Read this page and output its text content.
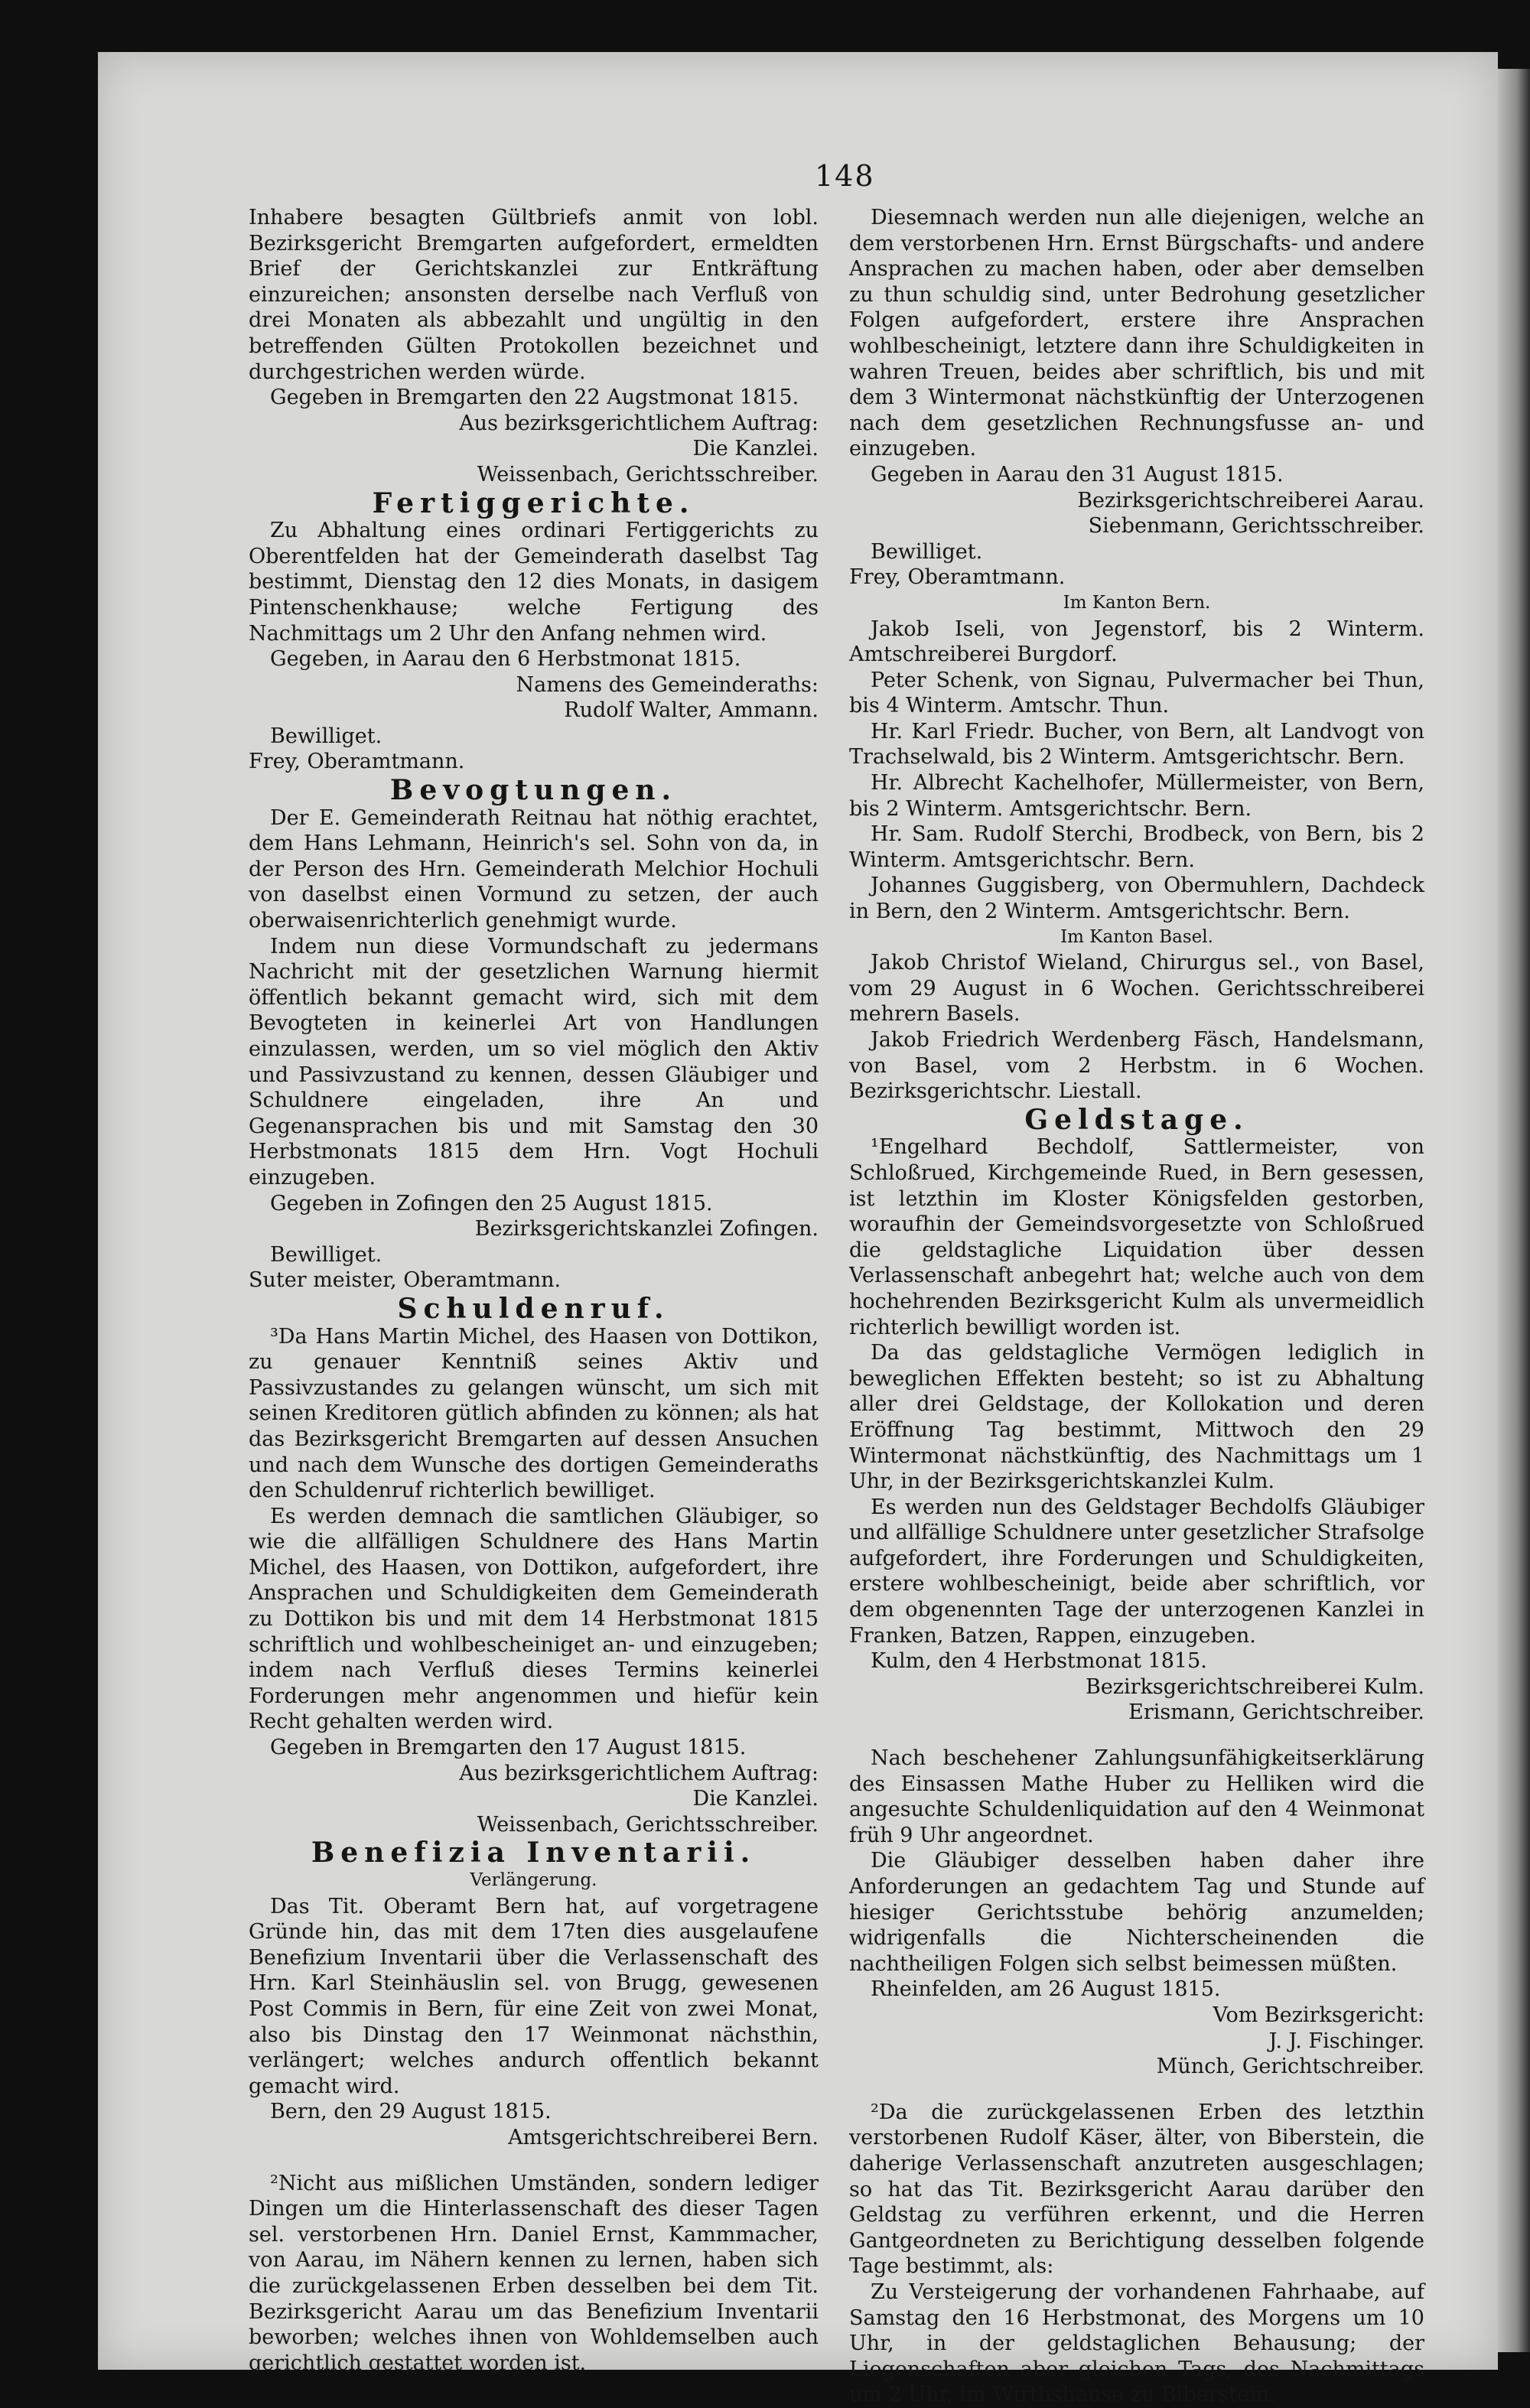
148

Inhabere besagten Gültbriefs anmit von lobl. Bezirksgericht Bremgarten aufgefordert, ermeldten Brief der Gerichtskanzlei zur Entkräftung einzureichen; ansonsten derselbe nach Verfluß von drei Monaten als abbezahlt und ungültig in den betreffenden Gülten Protokollen bezeichnet und durchgestrichen werden würde.

Gegeben in Bremgarten den 22 Augstmonat 1815.

Aus bezirksgerichtlichem Auftrag:

Die Kanzlei.

Weissenbach, Gerichtsschreiber.

Fertiggerichte.

Zu Abhaltung eines ordinari Fertiggerichts zu Oberentfelden hat der Gemeinderath daselbst Tag bestimmt, Dienstag den 12 dies Monats, in dasigem Pintenschenkhause; welche Fertigung des Nachmittags um 2 Uhr den Anfang nehmen wird.

Gegeben, in Aarau den 6 Herbstmonat 1815.

Namens des Gemeinderaths:

Rudolf Walter, Ammann.

Bewilliget.

Frey, Oberamtmann.

Bevogtungen.

Der E. Gemeinderath Reitnau hat nöthig erachtet, dem Hans Lehmann, Heinrich's sel. Sohn von da, in der Person des Hrn. Gemeinderath Melchior Hochuli von daselbst einen Vormund zu setzen, der auch oberwaisenrichterlich genehmigt wurde.

Indem nun diese Vormundschaft zu jedermans Nachricht mit der gesetzlichen Warnung hiermit öffentlich bekannt gemacht wird, sich mit dem Bevogteten in keinerlei Art von Handlungen einzulassen, werden, um so viel möglich den Aktiv und Passivzustand zu kennen, dessen Gläubiger und Schuldnere eingeladen, ihre An und Gegenansprachen bis und mit Samstag den 30 Herbstmonats 1815 dem Hrn. Vogt Hochuli einzugeben.

Gegeben in Zofingen den 25 August 1815.

Bezirksgerichtskanzlei Zofingen.

Bewilliget.

Suter meister, Oberamtmann.

Schuldenruf.

³Da Hans Martin Michel, des Haasen von Dottikon, zu genauer Kenntniß seines Aktiv und Passivzustandes zu gelangen wünscht, um sich mit seinen Kreditoren gütlich abfinden zu können; als hat das Bezirksgericht Bremgarten auf dessen Ansuchen und nach dem Wunsche des dortigen Gemeinderaths den Schuldenruf richterlich bewilliget.

Es werden demnach die samtlichen Gläubiger, so wie die allfälligen Schuldnere des Hans Martin Michel, des Haasen, von Dottikon, aufgefordert, ihre Ansprachen und Schuldigkeiten dem Gemeinderath zu Dottikon bis und mit dem 14 Herbstmonat 1815 schriftlich und wohlbescheiniget an- und einzugeben; indem nach Verfluß dieses Termins keinerlei Forderungen mehr angenommen und hiefür kein Recht gehalten werden wird.

Gegeben in Bremgarten den 17 August 1815.

Aus bezirksgerichtlichem Auftrag:

Die Kanzlei.

Weissenbach, Gerichtsschreiber.

Benefizia Inventarii.

Verlängerung.

Das Tit. Oberamt Bern hat, auf vorgetragene Gründe hin, das mit dem 17ten dies ausgelaufene Benefizium Inventarii über die Verlassenschaft des Hrn. Karl Steinhäuslin sel. von Brugg, gewesenen Post Commis in Bern, für eine Zeit von zwei Monat, also bis Dinstag den 17 Weinmonat nächsthin, verlängert; welches andurch offentlich bekannt gemacht wird.

Bern, den 29 August 1815.

Amtsgerichtschreiberei Bern.

²Nicht aus mißlichen Umständen, sondern lediger Dingen um die Hinterlassenschaft des dieser Tagen sel. verstorbenen Hrn. Daniel Ernst, Kammmacher, von Aarau, im Nähern kennen zu lernen, haben sich die zurückgelassenen Erben desselben bei dem Tit. Bezirksgericht Aarau um das Benefizium Inventarii beworben; welches ihnen von Wohldemselben auch gerichtlich gestattet worden ist.

Diesemnach werden nun alle diejenigen, welche an dem verstorbenen Hrn. Ernst Bürgschafts- und andere Ansprachen zu machen haben, oder aber demselben zu thun schuldig sind, unter Bedrohung gesetzlicher Folgen aufgefordert, erstere ihre Ansprachen wohlbescheinigt, letztere dann ihre Schuldigkeiten in wahren Treuen, beides aber schriftlich, bis und mit dem 3 Wintermonat nächstkünftig der Unterzogenen nach dem gesetzlichen Rechnungsfusse an- und einzugeben.

Gegeben in Aarau den 31 August 1815.

Bezirksgerichtschreiberei Aarau.

Siebenmann, Gerichtsschreiber.

Bewilliget.

Frey, Oberamtmann.

Im Kanton Bern.

Jakob Iseli, von Jegenstorf, bis 2 Winterm. Amtschreiberei Burgdorf.

Peter Schenk, von Signau, Pulvermacher bei Thun, bis 4 Winterm. Amtschr. Thun.

Hr. Karl Friedr. Bucher, von Bern, alt Landvogt von Trachselwald, bis 2 Winterm. Amtsgerichtschr. Bern.

Hr. Albrecht Kachelhofer, Müllermeister, von Bern, bis 2 Winterm. Amtsgerichtschr. Bern.

Hr. Sam. Rudolf Sterchi, Brodbeck, von Bern, bis 2 Winterm. Amtsgerichtschr. Bern.

Johannes Guggisberg, von Obermuhlern, Dachdeck in Bern, den 2 Winterm. Amtsgerichtschr. Bern.

Im Kanton Basel.

Jakob Christof Wieland, Chirurgus sel., von Basel, vom 29 August in 6 Wochen. Gerichtsschreiberei mehrern Basels.

Jakob Friedrich Werdenberg Fäsch, Handelsmann, von Basel, vom 2 Herbstm. in 6 Wochen. Bezirksgerichtschr. Liestall.

Geldstage.

¹Engelhard Bechdolf, Sattlermeister, von Schloßrued, Kirchgemeinde Rued, in Bern gesessen, ist letzthin im Kloster Königsfelden gestorben, woraufhin der Gemeindsvorgesetzte von Schloßrued die geldstagliche Liquidation über dessen Verlassenschaft anbegehrt hat; welche auch von dem hochehrenden Bezirksgericht Kulm als unvermeidlich richterlich bewilligt worden ist.

Da das geldstagliche Vermögen lediglich in beweglichen Effekten besteht; so ist zu Abhaltung aller drei Geldstage, der Kollokation und deren Eröffnung Tag bestimmt, Mittwoch den 29 Wintermonat nächstkünftig, des Nachmittags um 1 Uhr, in der Bezirksgerichtskanzlei Kulm.

Es werden nun des Geldstager Bechdolfs Gläubiger und allfällige Schuldnere unter gesetzlicher Strafsolge aufgefordert, ihre Forderungen und Schuldigkeiten, erstere wohlbescheinigt, beide aber schriftlich, vor dem obgenennten Tage der unterzogenen Kanzlei in Franken, Batzen, Rappen, einzugeben.

Kulm, den 4 Herbstmonat 1815.

Bezirksgerichtschreiberei Kulm.

Erismann, Gerichtschreiber.

Nach beschehener Zahlungsunfähigkeitserklärung des Einsassen Mathe Huber zu Helliken wird die angesuchte Schuldenliquidation auf den 4 Weinmonat früh 9 Uhr angeordnet.

Die Gläubiger desselben haben daher ihre Anforderungen an gedachtem Tag und Stunde auf hiesiger Gerichtsstube behörig anzumelden; widrigenfalls die Nichterscheinenden die nachtheiligen Folgen sich selbst beimessen müßten.

Rheinfelden, am 26 August 1815.

Vom Bezirksgericht:

J. J. Fischinger.

Münch, Gerichtschreiber.

²Da die zurückgelassenen Erben des letzthin verstorbenen Rudolf Käser, älter, von Biberstein, die daherige Verlassenschaft anzutreten ausgeschlagen; so hat das Tit. Bezirksgericht Aarau darüber den Geldstag zu verführen erkennt, und die Herren Gantgeordneten zu Berichtigung desselben folgende Tage bestimmt, als:

Zu Versteigerung der vorhandenen Fahrhaabe, auf Samstag den 16 Herbstmonat, des Morgens um 10 Uhr, in der geldstaglichen Behausung; der Liegenschaften aber gleichen Tags, des Nachmittags um 2 Uhr, im Wirthshause zu Biberstein.
